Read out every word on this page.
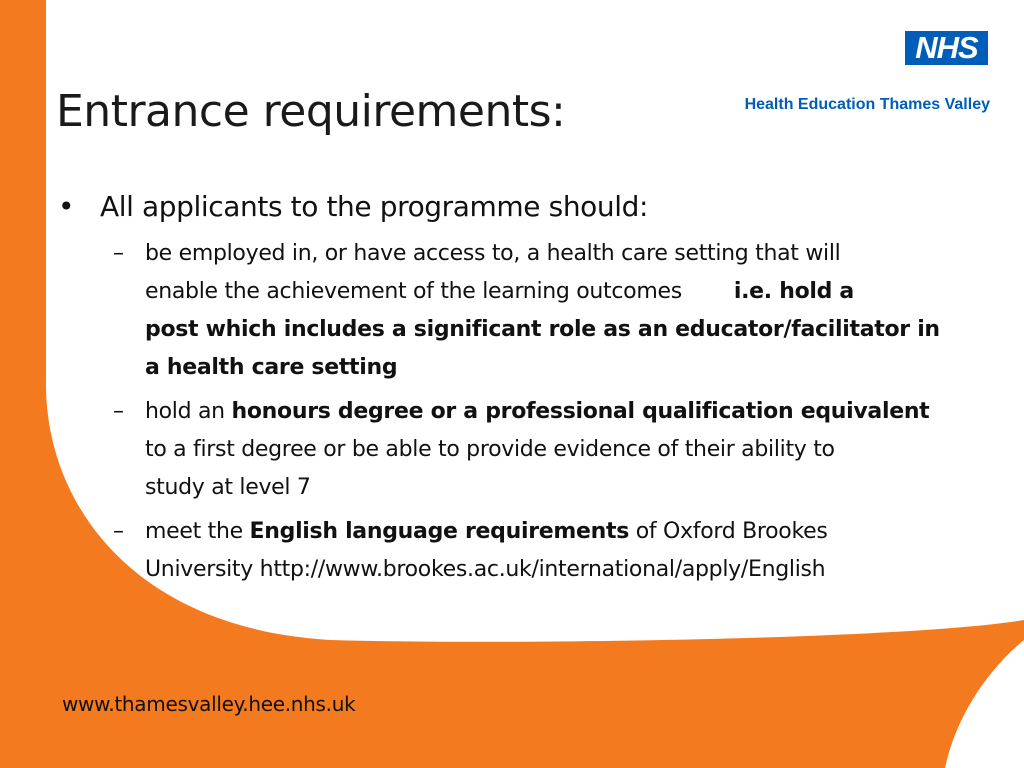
NHS
Health Education Thames Valley
Entrance requirements:
• All applicants to the programme should:
– be employed in, or have access to, a health care setting that will
enable the achievement of the learning outcomes i.e. hold a
post which includes a significant role as an educator/facilitator in
a health care setting
– hold an honours degree or a professional qualification equivalent
to a first degree or be able to provide evidence of their ability to
study at level 7
– meet the English language requirements of Oxford Brookes
University http://www.brookes.ac.uk/international/apply/English
www.thamesvalley.hee.nhs.uk
